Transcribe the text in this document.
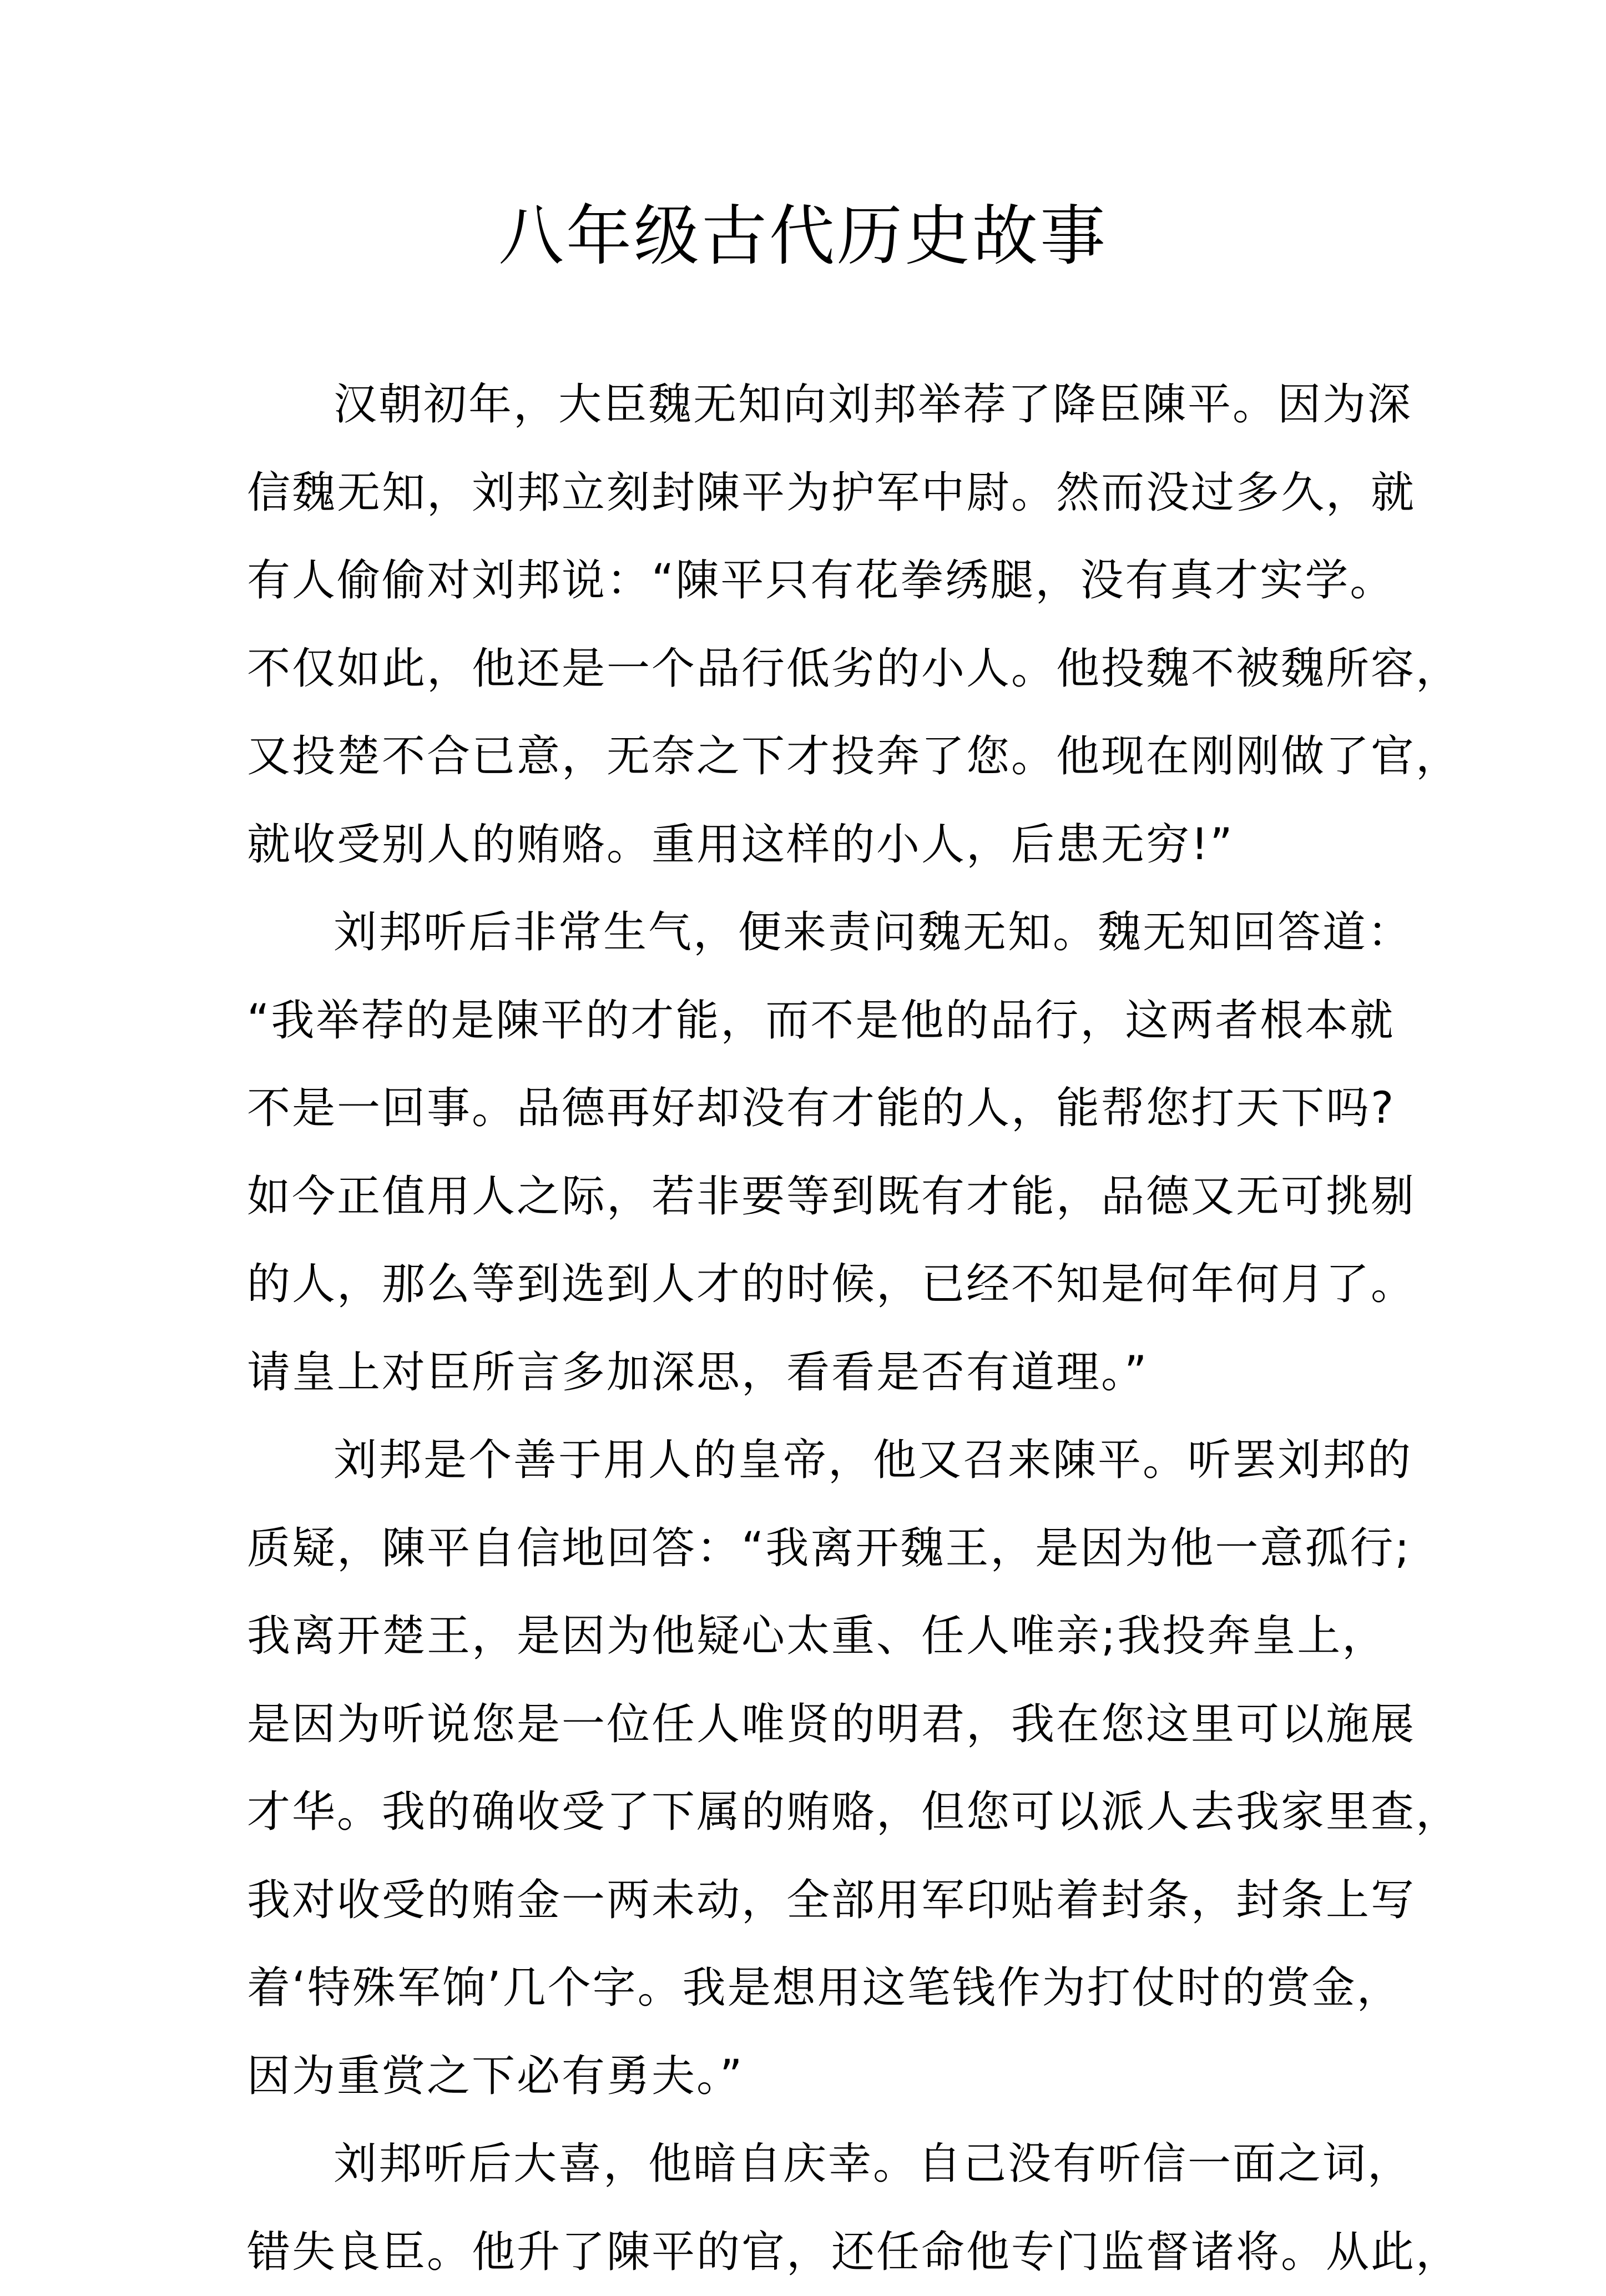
八年级古代历史故事
汉朝初年，大臣魏无知向刘邦举荐了降臣陳平。因为深
信魏无知，刘邦立刻封陳平为护军中尉。然而没过多久，就
有人偷偷对刘邦说：“陳平只有花拳绣腿，没有真才实学。
不仅如此，他还是一个品行低劣的小人。他投魏不被魏所容，
又投楚不合已意，无奈之下才投奔了您。他现在刚刚做了官，
就收受别人的贿赂。重用这样的小人，后患无穷!”
刘邦听后非常生气，便来责问魏无知。魏无知回答道：
“我举荐的是陳平的才能，而不是他的品行，这两者根本就
不是一回事。品德再好却没有才能的人，能帮您打天下吗?
如今正值用人之际，若非要等到既有才能，品德又无可挑剔
的人，那么等到选到人才的时候，已经不知是何年何月了。
请皇上对臣所言多加深思，看看是否有道理。”
刘邦是个善于用人的皇帝，他又召来陳平。听罢刘邦的
质疑，陳平自信地回答：“我离开魏王，是因为他一意孤行;
我离开楚王，是因为他疑心太重、任人唯亲;我投奔皇上，
是因为听说您是一位任人唯贤的明君，我在您这里可以施展
才华。我的确收受了下属的贿赂，但您可以派人去我家里查，
我对收受的贿金一两未动，全部用军印贴着封条，封条上写
着‘特殊军饷’几个字。我是想用这笔钱作为打仗时的赏金，
因为重赏之下必有勇夫。”
刘邦听后大喜，他暗自庆幸。自己没有听信一面之词，
错失良臣。他升了陳平的官，还任命他专门监督诸将。从此，
